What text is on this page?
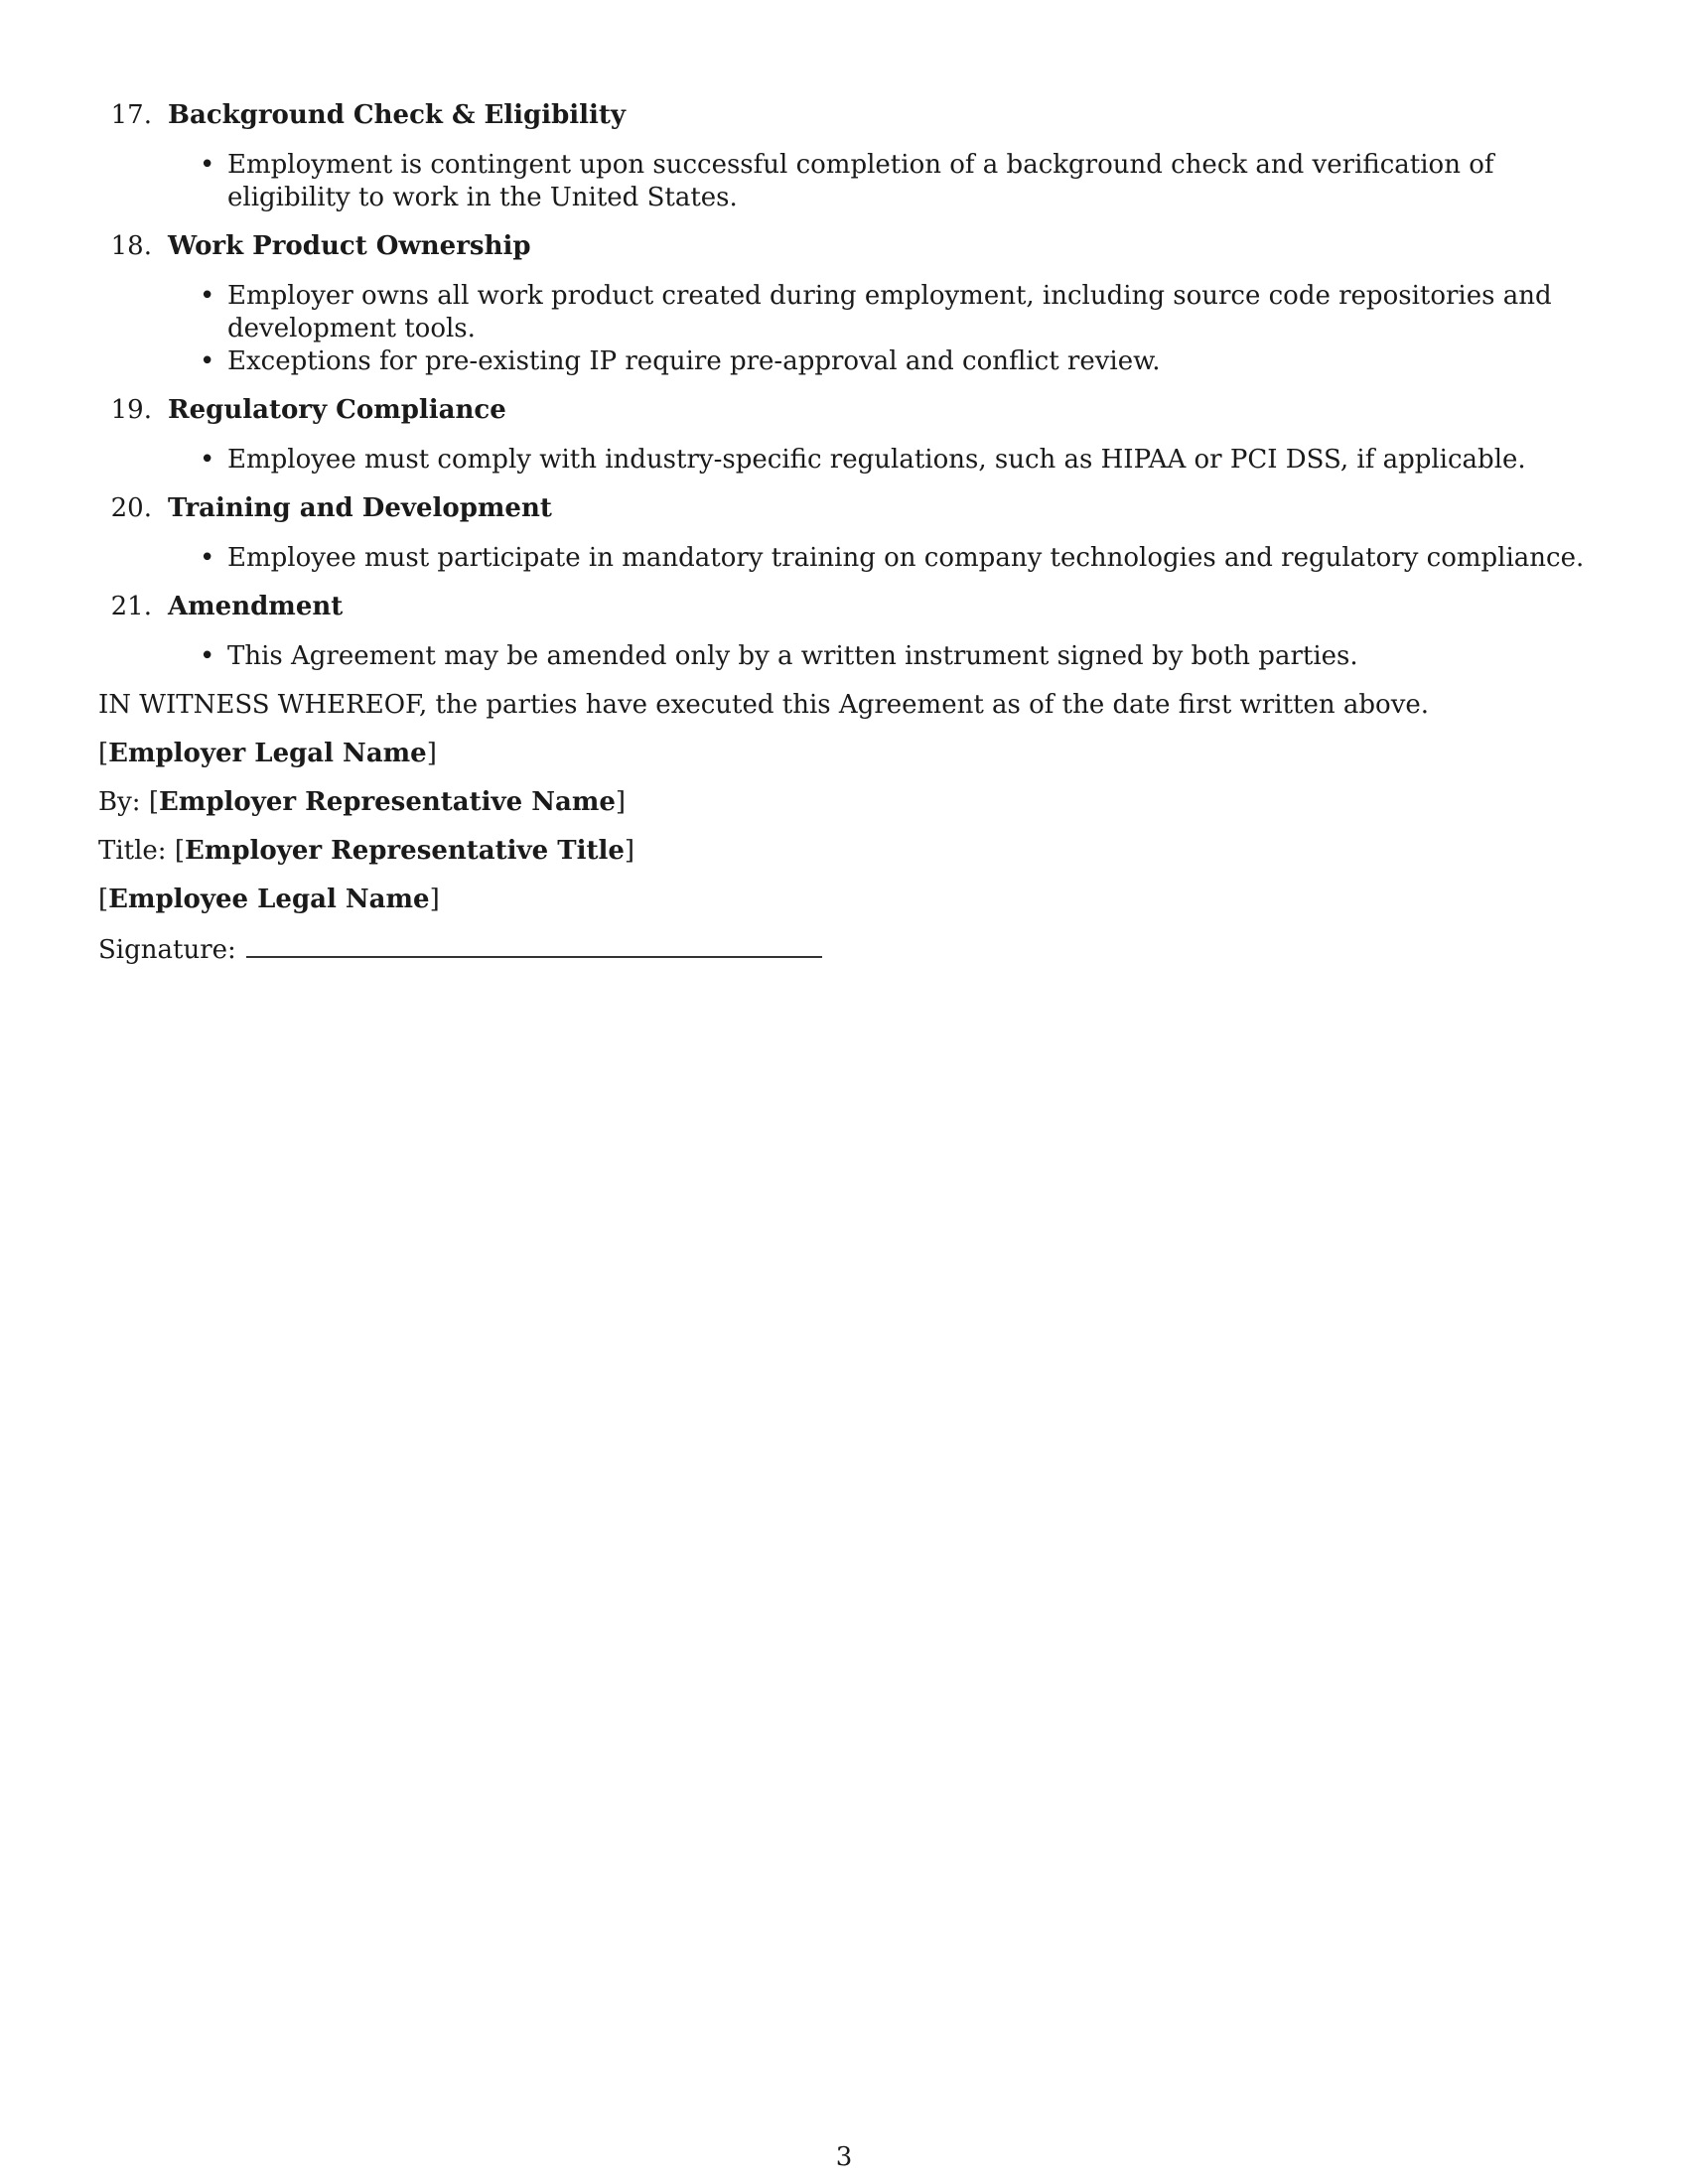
17. Background Check & Eligibility
• Employment is contingent upon successful completion of a background check and verification of eligibility to work in the United States.
18. Work Product Ownership
• Employer owns all work product created during employment, including source code repositories and development tools.
• Exceptions for pre-existing IP require pre-approval and conflict review.
19. Regulatory Compliance
• Employee must comply with industry-specific regulations, such as HIPAA or PCI DSS, if applicable.
20. Training and Development
• Employee must participate in mandatory training on company technologies and regulatory compliance.
21. Amendment
• This Agreement may be amended only by a written instrument signed by both parties.

IN WITNESS WHEREOF, the parties have executed this Agreement as of the date first written above.

[Employer Legal Name]

By: [Employer Representative Name]

Title: [Employer Representative Title]

[Employee Legal Name]

Signature:

3
